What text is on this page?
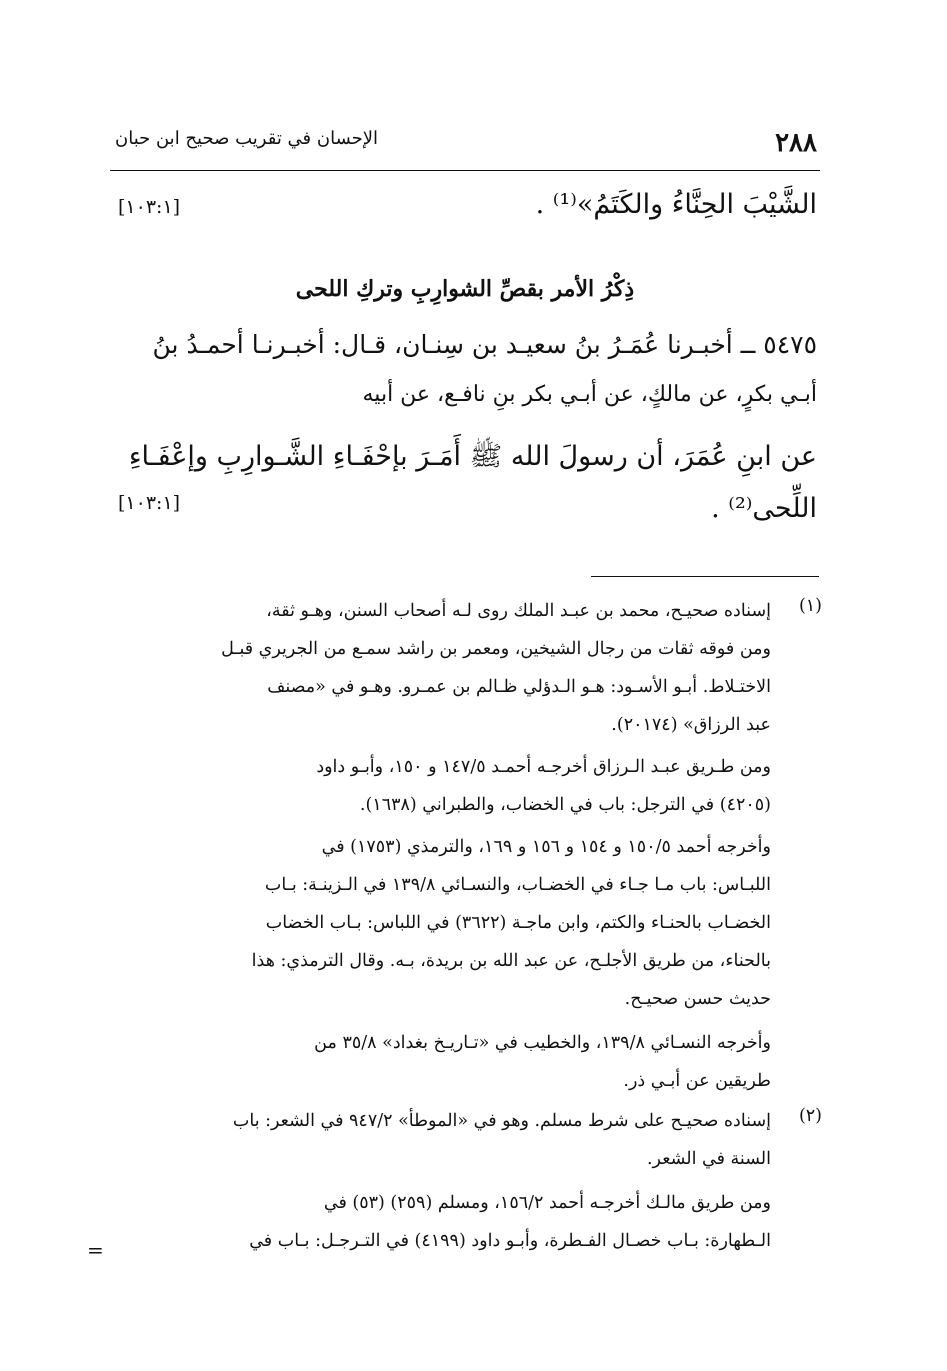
٢٨٨
الإحسان في تقريب صحيح ابن حبان
الشَّيْبَ الحِنَّاءُ والكَتَمُ»⁽¹⁾ .
[١٠٣:١]
ذِكْرُ الأمر بقصِّ الشوارِبِ وتركِ اللحى
٥٤٧٥ ــ أخبـرنا عُمَـرُ بنُ سعيـد بن سِنـان، قـال: أخبـرنـا أحمـدُ بنُ
أبـي بكرٍ، عن مالكٍ، عن أبـي بكر بنِ نافـع، عن أبيه
عن ابنِ عُمَرَ، أن رسولَ الله ﷺ أَمَـرَ بإحْفَـاءِ الشَّـوارِبِ وإعْفَـاءِ
اللِّحى⁽²⁾ .
[١٠٣:١]
(١)
إسناده صحيـح، محمد بن عبـد الملك روى لـه أصحاب السنن، وهـو ثقة،
ومن فوقه ثقات من رجال الشيخين، ومعمر بن راشد سمـع من الجريري قبـل
الاختـلاط. أبـو الأسـود: هـو الـدؤلي ظـالم بن عمـرو. وهـو في «مصنف
عبد الرزاق» (٢٠١٧٤).
ومن طـريق عبـد الـرزاق أخرجـه أحمـد ١٤٧/٥ و ١٥٠، وأبـو داود
(٤٢٠٥) في الترجل: باب في الخضاب، والطبراني (١٦٣٨).
وأخرجه أحمد ١٥٠/٥ و ١٥٤ و ١٥٦ و ١٦٩، والترمذي (١٧٥٣) في
اللبـاس: باب مـا جـاء في الخضـاب، والنسـائي ١٣٩/٨ في الـزينـة: بـاب
الخضـاب بالحنـاء والكتم، وابن ماجـة (٣٦٢٢) في اللباس: بـاب الخضاب
بالحناء، من طريق الأجلـح، عن عبد الله بن بريدة، بـه. وقال الترمذي: هذا
حديث حسن صحيـح.
وأخرجه النسـائي ١٣٩/٨، والخطيب في «تـاريـخ بغداد» ٣٥/٨ من
طريقين عن أبـي ذر.
(٢)
إسناده صحيـح على شرط مسلم. وهو في «الموطأ» ٩٤٧/٢ في الشعر: باب
السنة في الشعر.
ومن طريق مالـك أخرجـه أحمد ١٥٦/٢، ومسلم (٢٥٩) (٥٣) في
الـطهارة: بـاب خصـال الفـطرة، وأبـو داود (٤١٩٩) في التـرجـل: بـاب في
=
